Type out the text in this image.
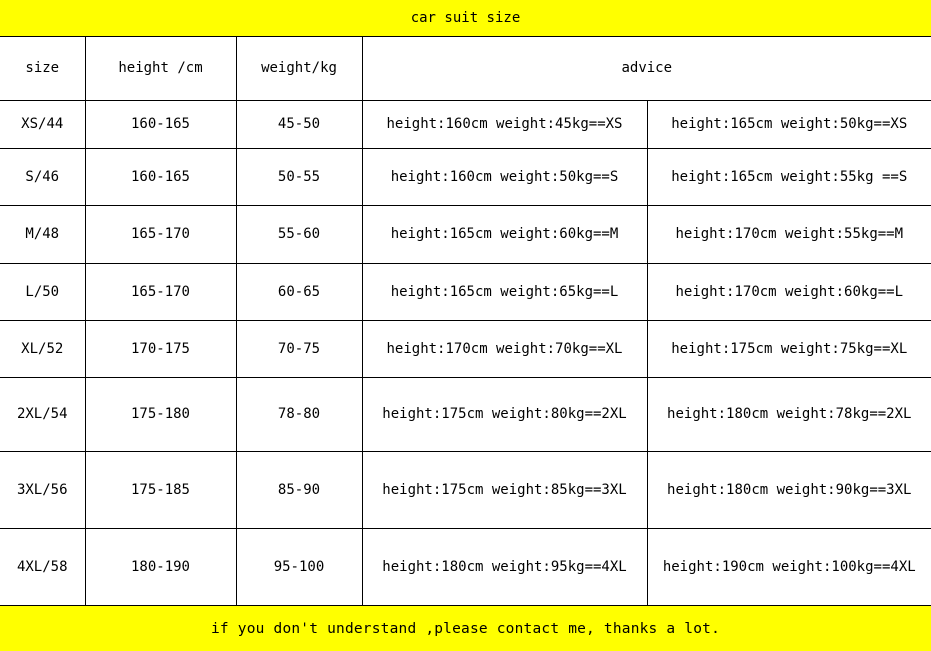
car suit size
size	height /cm	weight/kg	advice	
XS/44	160-165	45-50	height:160cm weight:45kg==XS	height:165cm weight:50kg==XS
S/46	160-165	50-55	height:160cm weight:50kg==S	height:165cm weight:55kg ==S
M/48	165-170	55-60	height:165cm weight:60kg==M	height:170cm weight:55kg==M
L/50	165-170	60-65	height:165cm weight:65kg==L	height:170cm weight:60kg==L
XL/52	170-175	70-75	height:170cm weight:70kg==XL	height:175cm weight:75kg==XL
2XL/54	175-180	78-80	height:175cm weight:80kg==2XL	height:180cm weight:78kg==2XL
3XL/56	175-185	85-90	height:175cm weight:85kg==3XL	height:180cm weight:90kg==3XL
4XL/58	180-190	95-100	height:180cm weight:95kg==4XL	height:190cm weight:100kg==4XL
if you don't understand ,please contact me, thanks a lot.
